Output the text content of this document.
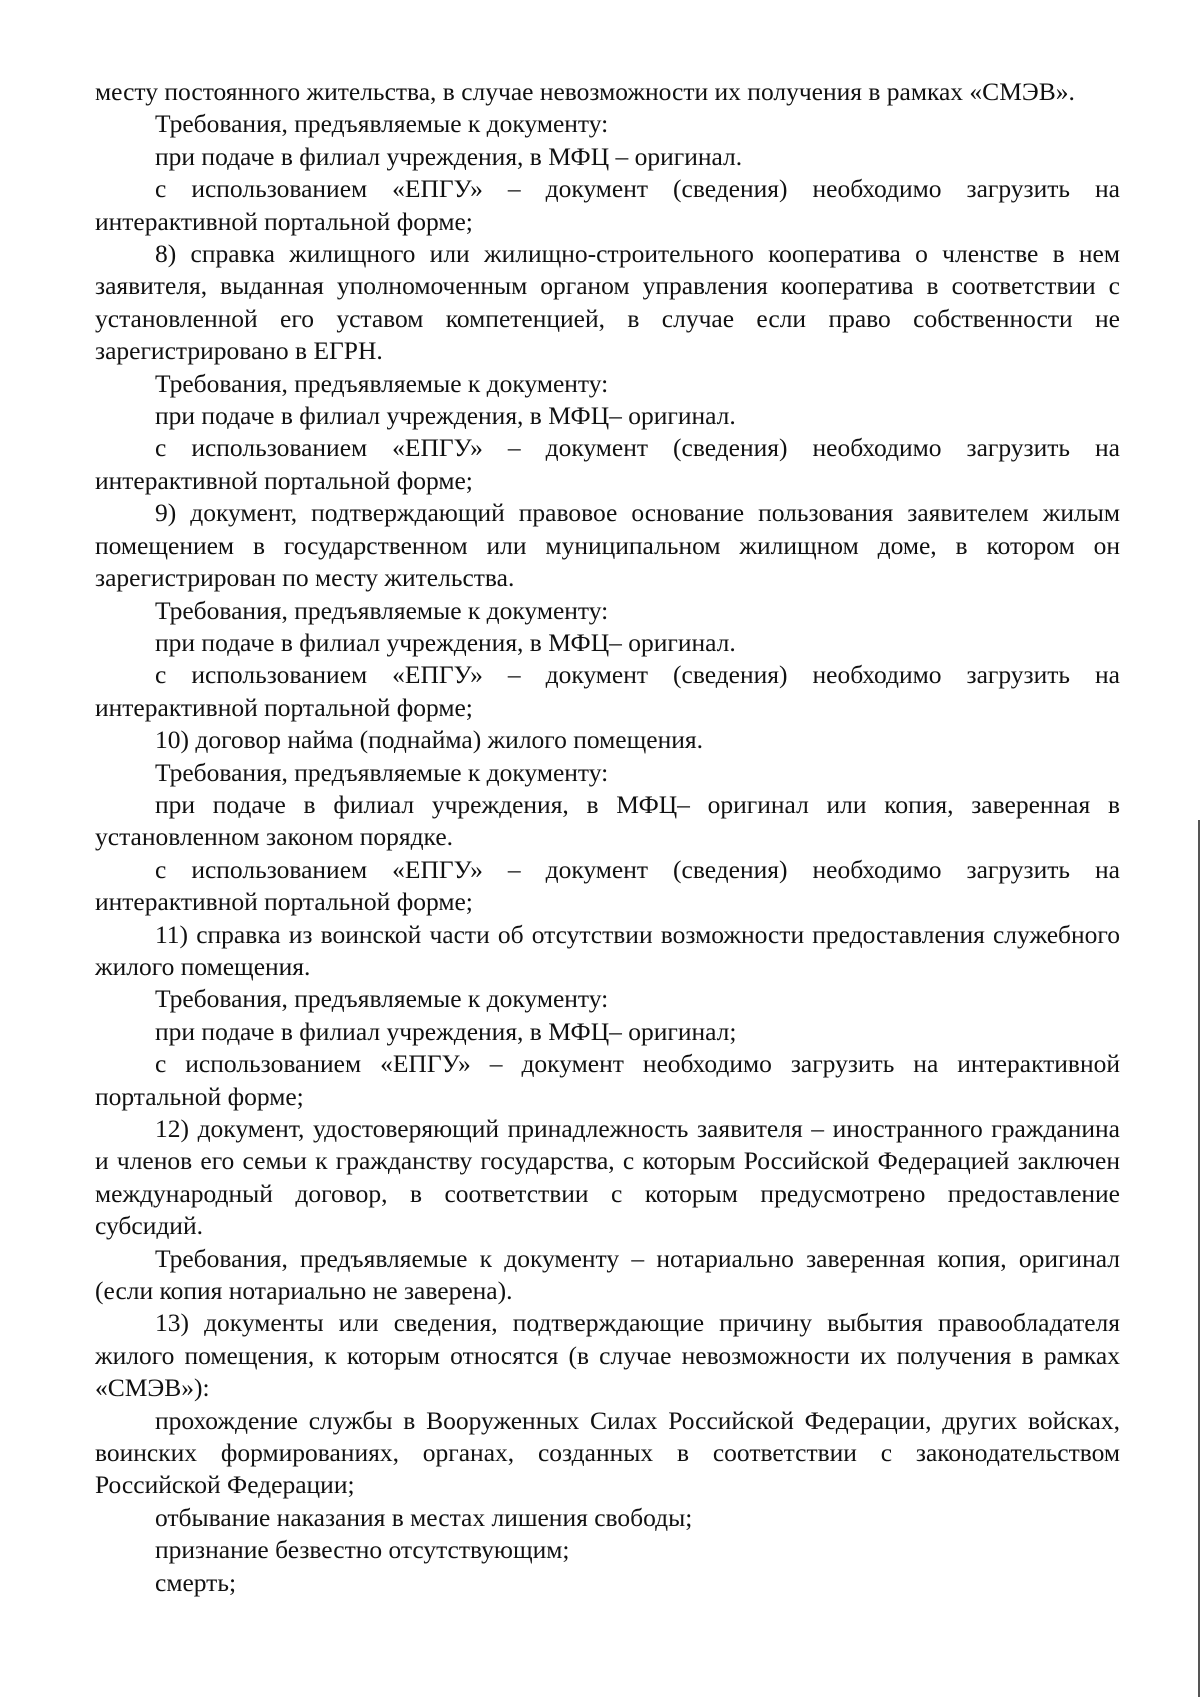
месту постоянного жительства, в случае невозможности их получения в рамках «СМЭВ».

Требования, предъявляемые к документу:

при подаче в филиал учреждения, в МФЦ – оригинал.

с использованием «ЕПГУ» – документ (сведения) необходимо загрузить на интерактивной портальной форме;

8) справка жилищного или жилищно-строительного кооператива о членстве в нем заявителя, выданная уполномоченным органом управления кооператива в соответствии с установленной его уставом компетенцией, в случае если право собственности не зарегистрировано в ЕГРН.

Требования, предъявляемые к документу:

при подаче в филиал учреждения, в МФЦ– оригинал.

с использованием «ЕПГУ» – документ (сведения) необходимо загрузить на интерактивной портальной форме;

9) документ, подтверждающий правовое основание пользования заявителем жилым помещением в государственном или муниципальном жилищном доме, в котором он зарегистрирован по месту жительства.

Требования, предъявляемые к документу:

при подаче в филиал учреждения, в МФЦ– оригинал.

с использованием «ЕПГУ» – документ (сведения) необходимо загрузить на интерактивной портальной форме;

10) договор найма (поднайма) жилого помещения.

Требования, предъявляемые к документу:

при подаче в филиал учреждения, в МФЦ– оригинал или копия, заверенная в установленном законом порядке.

с использованием «ЕПГУ» – документ (сведения) необходимо загрузить на интерактивной портальной форме;

11) справка из воинской части об отсутствии возможности предоставления служебного жилого помещения.

Требования, предъявляемые к документу:

при подаче в филиал учреждения, в МФЦ– оригинал;

с использованием «ЕПГУ» – документ необходимо загрузить на интерактивной портальной форме;

12) документ, удостоверяющий принадлежность заявителя – иностранного гражданина и членов его семьи к гражданству государства, с которым Российской Федерацией заключен международный договор, в соответствии с которым предусмотрено предоставление субсидий.

Требования, предъявляемые к документу – нотариально заверенная копия, оригинал (если копия нотариально не заверена).

13) документы или сведения, подтверждающие причину выбытия правообладателя жилого помещения, к которым относятся (в случае невозможности их получения в рамках «СМЭВ»):

прохождение службы в Вооруженных Силах Российской Федерации, других войсках, воинских формированиях, органах, созданных в соответствии с законодательством Российской Федерации;

отбывание наказания в местах лишения свободы;

признание безвестно отсутствующим;

смерть;
